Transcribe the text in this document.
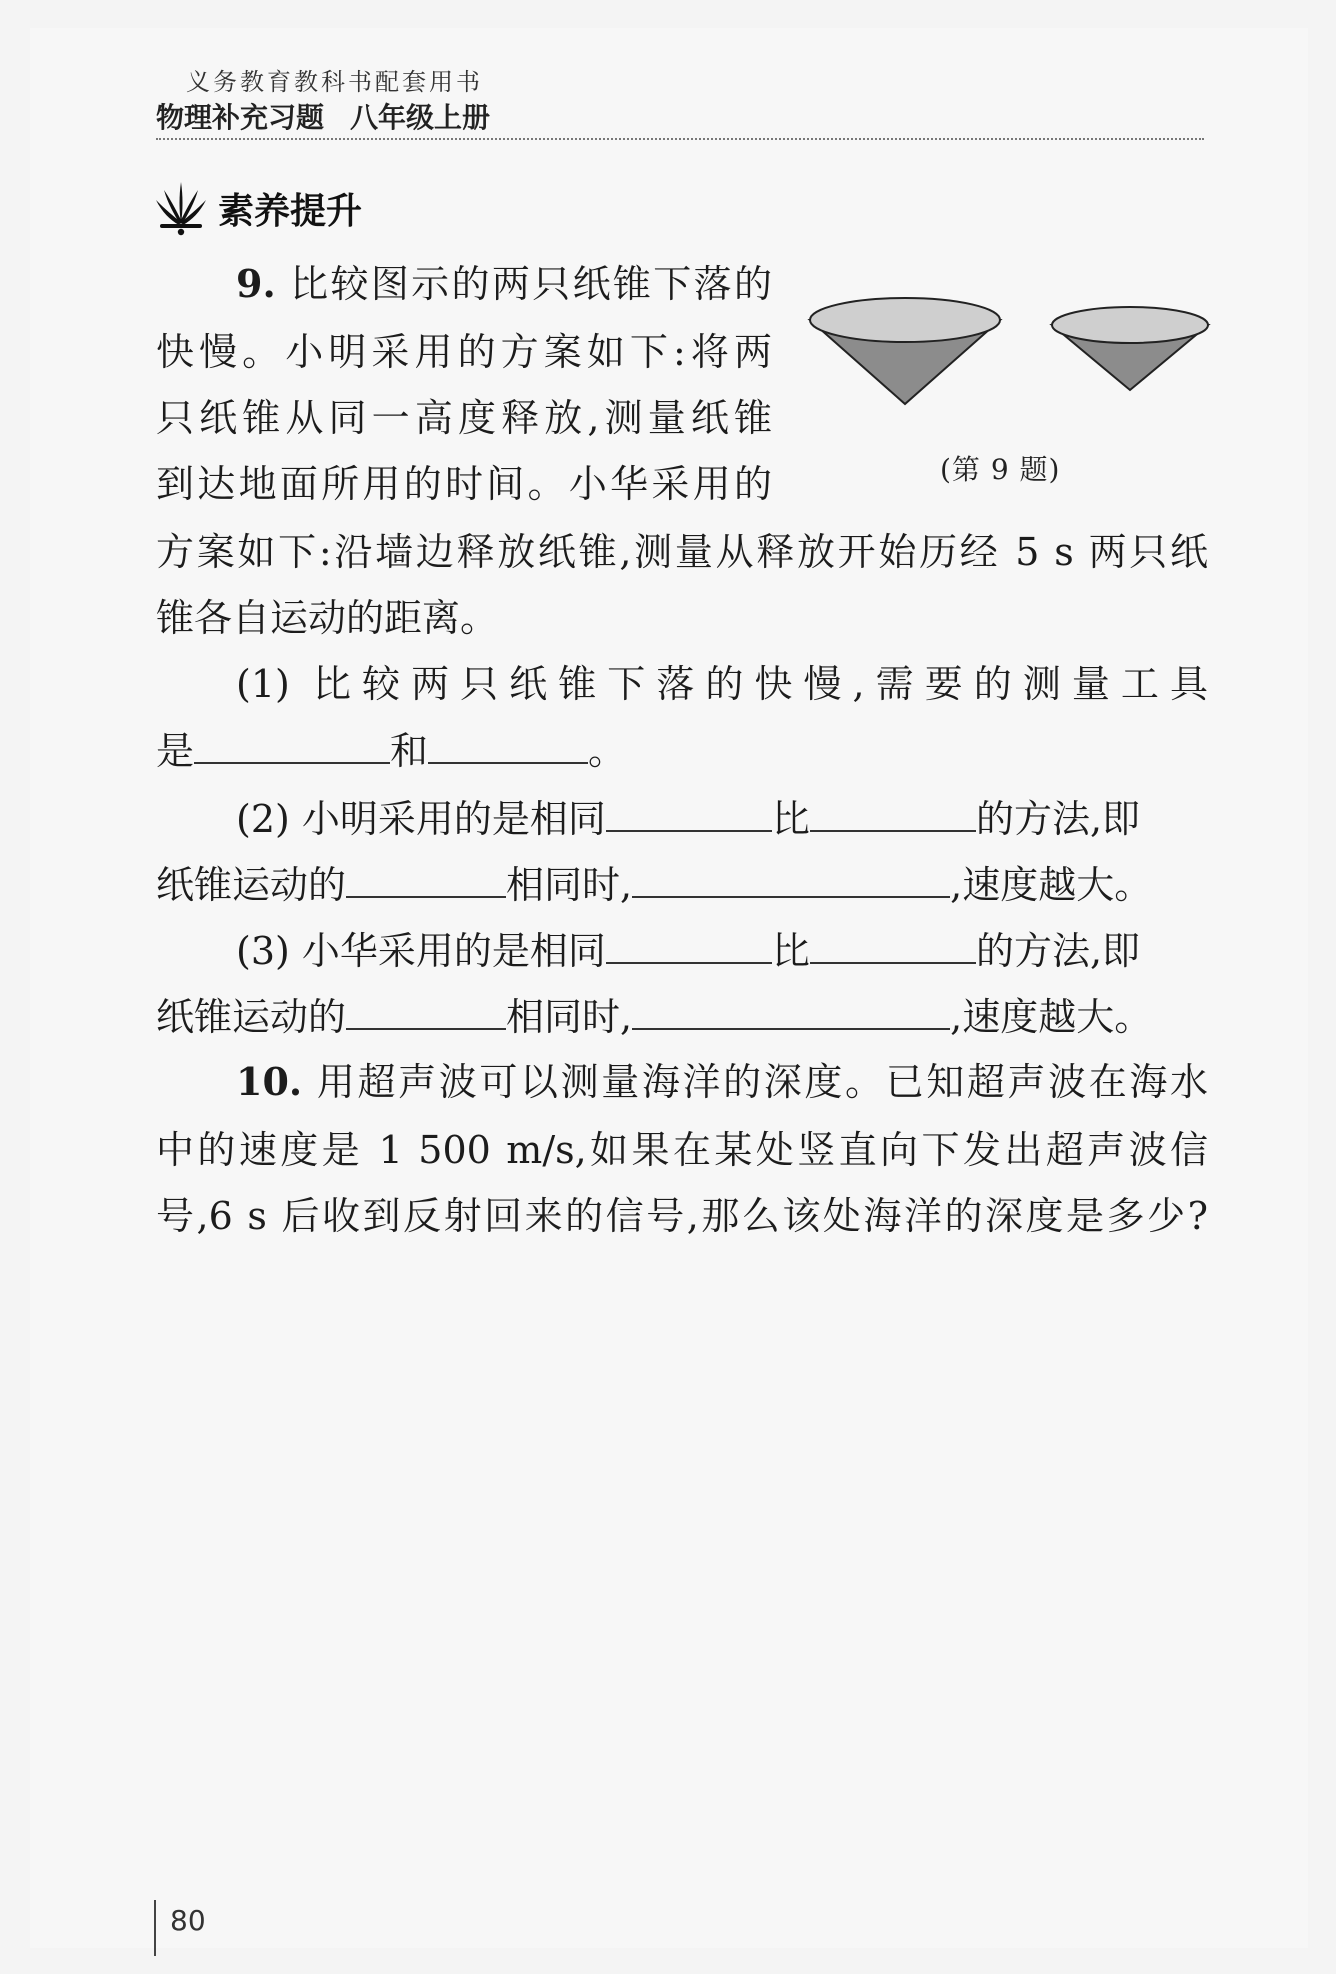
义务教育教科书配套用书
物理补充习题 八年级上册
素养提升
9. 比较图示的两只纸锥下落的
快慢。小明采用的方案如下:将两
只纸锥从同一高度释放,测量纸锥
到达地面所用的时间。小华采用的
方案如下:沿墙边释放纸锥,测量从释放开始历经 5 s 两只纸
锥各自运动的距离。
(第 9 题)
(1) 比较两只纸锥下落的快慢,需要的测量工具
是	和	。
(2) 小明采用的是相同	比	的方法,即
纸锥运动的	相同时,	,速度越大。
(3) 小华采用的是相同	比	的方法,即
纸锥运动的	相同时,	,速度越大。
10. 用超声波可以测量海洋的深度。已知超声波在海水
中的速度是 1 500 m/s,如果在某处竖直向下发出超声波信
号,6 s 后收到反射回来的信号,那么该处海洋的深度是多少?
80
